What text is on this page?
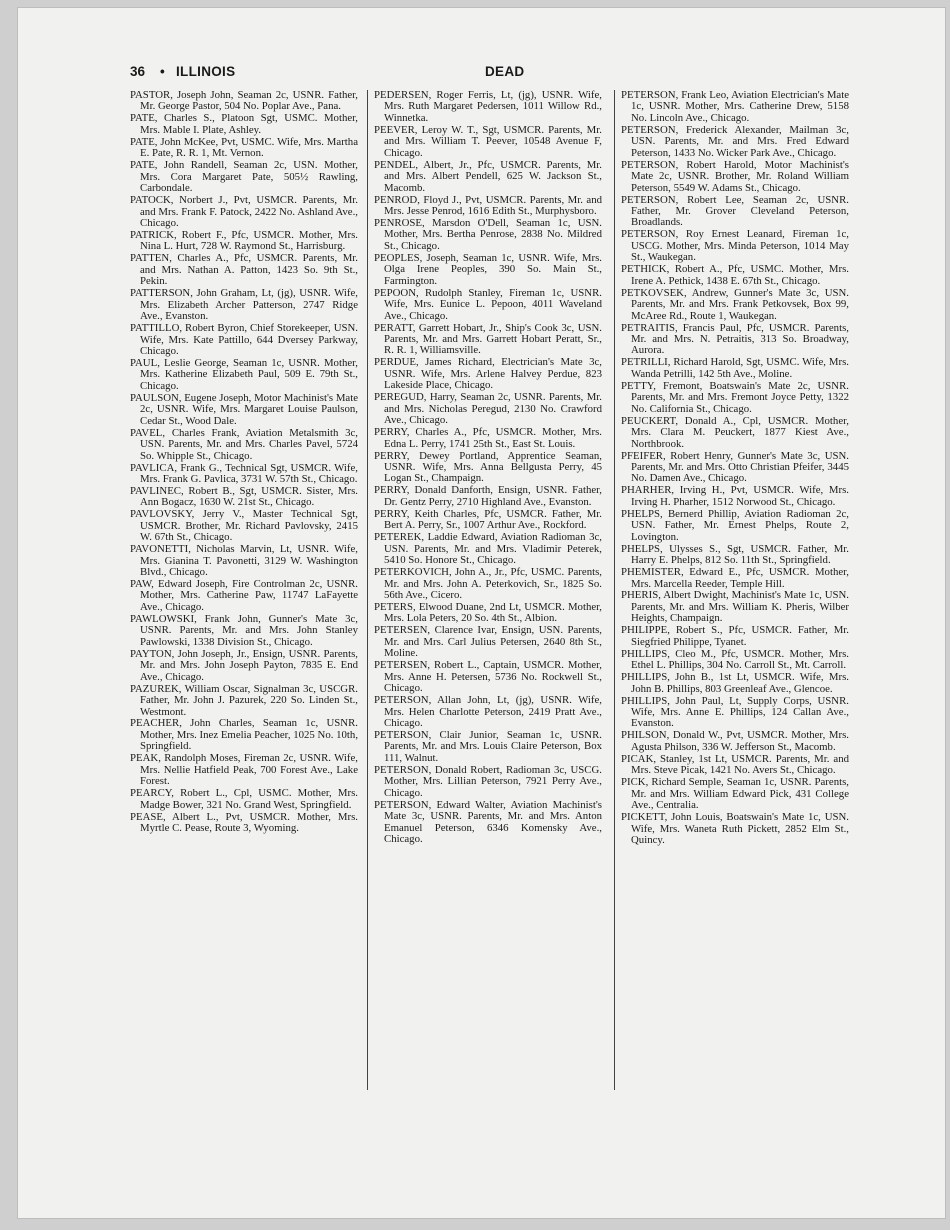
36 • ILLINOIS	DEAD

PASTOR, Joseph John, Seaman 2c, USNR. Father, Mr. George Pastor, 504 No. Poplar Ave., Pana.

PATE, Charles S., Platoon Sgt, USMC. Mother, Mrs. Mable I. Plate, Ashley.

PATE, John McKee, Pvt, USMC. Wife, Mrs. Martha E. Pate, R. R. 1, Mt. Vernon.

PATE, John Randell, Seaman 2c, USN. Mother, Mrs. Cora Margaret Pate, 505½ Rawling, Carbondale.

PATOCK, Norbert J., Pvt, USMCR. Parents, Mr. and Mrs. Frank F. Patock, 2422 No. Ashland Ave., Chicago.

PATRICK, Robert F., Pfc, USMCR. Mother, Mrs. Nina L. Hurt, 728 W. Raymond St., Harrisburg.

PATTEN, Charles A., Pfc, USMCR. Parents, Mr. and Mrs. Nathan A. Patton, 1423 So. 9th St., Pekin.

PATTERSON, John Graham, Lt, (jg), USNR. Wife, Mrs. Elizabeth Archer Patterson, 2747 Ridge Ave., Evanston.

PATTILLO, Robert Byron, Chief Storekeeper, USN. Wife, Mrs. Kate Pattillo, 644 Dversey Parkway, Chicago.

PAUL, Leslie George, Seaman 1c, USNR. Mother, Mrs. Katherine Elizabeth Paul, 509 E. 79th St., Chicago.

PAULSON, Eugene Joseph, Motor Machinist's Mate 2c, USNR. Wife, Mrs. Margaret Louise Paulson, Cedar St., Wood Dale.

PAVEL, Charles Frank, Aviation Metalsmith 3c, USN. Parents, Mr. and Mrs. Charles Pavel, 5724 So. Whipple St., Chicago.

PAVLICA, Frank G., Technical Sgt, USMCR. Wife, Mrs. Frank G. Pavlica, 3731 W. 57th St., Chicago.

PAVLINEC, Robert B., Sgt, USMCR. Sister, Mrs. Ann Bogacz, 1630 W. 21st St., Chicago.

PAVLOVSKY, Jerry V., Master Technical Sgt, USMCR. Brother, Mr. Richard Pavlovsky, 2415 W. 67th St., Chicago.

PAVONETTI, Nicholas Marvin, Lt, USNR. Wife, Mrs. Gianina T. Pavonetti, 3129 W. Washington Blvd., Chicago.

PAW, Edward Joseph, Fire Controlman 2c, USNR. Mother, Mrs. Catherine Paw, 11747 LaFayette Ave., Chicago.

PAWLOWSKI, Frank John, Gunner's Mate 3c, USNR. Parents, Mr. and Mrs. John Stanley Pawlowski, 1338 Division St., Chicago.

PAYTON, John Joseph, Jr., Ensign, USNR. Parents, Mr. and Mrs. John Joseph Payton, 7835 E. End Ave., Chicago.

PAZUREK, William Oscar, Signalman 3c, USCGR. Father, Mr. John J. Pazurek, 220 So. Linden St., Westmont.

PEACHER, John Charles, Seaman 1c, USNR. Mother, Mrs. Inez Emelia Peacher, 1025 No. 10th, Springfield.

PEAK, Randolph Moses, Fireman 2c, USNR. Wife, Mrs. Nellie Hatfield Peak, 700 Forest Ave., Lake Forest.

PEARCY, Robert L., Cpl, USMC. Mother, Mrs. Madge Bower, 321 No. Grand West, Springfield.

PEASE, Albert L., Pvt, USMCR. Mother, Mrs. Myrtle C. Pease, Route 3, Wyoming.

PEDERSEN, Roger Ferris, Lt, (jg), USNR. Wife, Mrs. Ruth Margaret Pedersen, 1011 Willow Rd., Winnetka.

PEEVER, Leroy W. T., Sgt, USMCR. Parents, Mr. and Mrs. William T. Peever, 10548 Avenue F, Chicago.

PENDEL, Albert, Jr., Pfc, USMCR. Parents, Mr. and Mrs. Albert Pendell, 625 W. Jackson St., Macomb.

PENROD, Floyd J., Pvt, USMCR. Parents, Mr. and Mrs. Jesse Penrod, 1616 Edith St., Murphysboro.

PENROSE, Marsdon O'Dell, Seaman 1c, USN. Mother, Mrs. Bertha Penrose, 2838 No. Mildred St., Chicago.

PEOPLES, Joseph, Seaman 1c, USNR. Wife, Mrs. Olga Irene Peoples, 390 So. Main St., Farmington.

PEPOON, Rudolph Stanley, Fireman 1c, USNR. Wife, Mrs. Eunice L. Pepoon, 4011 Waveland Ave., Chicago.

PERATT, Garrett Hobart, Jr., Ship's Cook 3c, USN. Parents, Mr. and Mrs. Garrett Hobart Peratt, Sr., R. R. 1, Williamsville.

PERDUE, James Richard, Electrician's Mate 3c, USNR. Wife, Mrs. Arlene Halvey Perdue, 823 Lakeside Place, Chicago.

PEREGUD, Harry, Seaman 2c, USNR. Parents, Mr. and Mrs. Nicholas Peregud, 2130 No. Crawford Ave., Chicago.

PERRY, Charles A., Pfc, USMCR. Mother, Mrs. Edna L. Perry, 1741 25th St., East St. Louis.

PERRY, Dewey Portland, Apprentice Seaman, USNR. Wife, Mrs. Anna Bellgusta Perry, 45 Logan St., Champaign.

PERRY, Donald Danforth, Ensign, USNR. Father, Dr. Gentz Perry, 2710 Highland Ave., Evanston.

PERRY, Keith Charles, Pfc, USMCR. Father, Mr. Bert A. Perry, Sr., 1007 Arthur Ave., Rockford.

PETEREK, Laddie Edward, Aviation Radioman 3c, USN. Parents, Mr. and Mrs. Vladimir Peterek, 5410 So. Honore St., Chicago.

PETERKOVICH, John A., Jr., Pfc, USMC. Parents, Mr. and Mrs. John A. Peterkovich, Sr., 1825 So. 56th Ave., Cicero.

PETERS, Elwood Duane, 2nd Lt, USMCR. Mother, Mrs. Lola Peters, 20 So. 4th St., Albion.

PETERSEN, Clarence Ivar, Ensign, USN. Parents, Mr. and Mrs. Carl Julius Petersen, 2640 8th St., Moline.

PETERSEN, Robert L., Captain, USMCR. Mother, Mrs. Anne H. Petersen, 5736 No. Rockwell St., Chicago.

PETERSON, Allan John, Lt, (jg), USNR. Wife, Mrs. Helen Charlotte Peterson, 2419 Pratt Ave., Chicago.

PETERSON, Clair Junior, Seaman 1c, USNR. Parents, Mr. and Mrs. Louis Claire Peterson, Box 111, Walnut.

PETERSON, Donald Robert, Radioman 3c, USCG. Mother, Mrs. Lillian Peterson, 7921 Perry Ave., Chicago.

PETERSON, Edward Walter, Aviation Machinist's Mate 3c, USNR. Parents, Mr. and Mrs. Anton Emanuel Peterson, 6346 Komensky Ave., Chicago.

PETERSON, Frank Leo, Aviation Electrician's Mate 1c, USNR. Mother, Mrs. Catherine Drew, 5158 No. Lincoln Ave., Chicago.

PETERSON, Frederick Alexander, Mailman 3c, USN. Parents, Mr. and Mrs. Fred Edward Peterson, 1433 No. Wicker Park Ave., Chicago.

PETERSON, Robert Harold, Motor Machinist's Mate 2c, USNR. Brother, Mr. Roland William Peterson, 5549 W. Adams St., Chicago.

PETERSON, Robert Lee, Seaman 2c, USNR. Father, Mr. Grover Cleveland Peterson, Broadlands.

PETERSON, Roy Ernest Leanard, Fireman 1c, USCG. Mother, Mrs. Minda Peterson, 1014 May St., Waukegan.

PETHICK, Robert A., Pfc, USMC. Mother, Mrs. Irene A. Pethick, 1438 E. 67th St., Chicago.

PETKOVSEK, Andrew, Gunner's Mate 3c, USN. Parents, Mr. and Mrs. Frank Petkovsek, Box 99, McAree Rd., Route 1, Waukegan.

PETRAITIS, Francis Paul, Pfc, USMCR. Parents, Mr. and Mrs. N. Petraitis, 313 So. Broadway, Aurora.

PETRILLI, Richard Harold, Sgt, USMC. Wife, Mrs. Wanda Petrilli, 142 5th Ave., Moline.

PETTY, Fremont, Boatswain's Mate 2c, USNR. Parents, Mr. and Mrs. Fremont Joyce Petty, 1322 No. California St., Chicago.

PEUCKERT, Donald A., Cpl, USMCR. Mother, Mrs. Clara M. Peuckert, 1877 Kiest Ave., Northbrook.

PFEIFER, Robert Henry, Gunner's Mate 3c, USN. Parents, Mr. and Mrs. Otto Christian Pfeifer, 3445 No. Damen Ave., Chicago.

PHARHER, Irving H., Pvt, USMCR. Wife, Mrs. Irving H. Pharher, 1512 Norwood St., Chicago.

PHELPS, Bernerd Phillip, Aviation Radioman 2c, USN. Father, Mr. Ernest Phelps, Route 2, Lovington.

PHELPS, Ulysses S., Sgt, USMCR. Father, Mr. Harry E. Phelps, 812 So. 11th St., Springfield.

PHEMISTER, Edward E., Pfc, USMCR. Mother, Mrs. Marcella Reeder, Temple Hill.

PHERIS, Albert Dwight, Machinist's Mate 1c, USN. Parents, Mr. and Mrs. William K. Pheris, Wilber Heights, Champaign.

PHILIPPE, Robert S., Pfc, USMCR. Father, Mr. Siegfried Philippe, Tyanet.

PHILLIPS, Cleo M., Pfc, USMCR. Mother, Mrs. Ethel L. Phillips, 304 No. Carroll St., Mt. Carroll.

PHILLIPS, John B., 1st Lt, USMCR. Wife, Mrs. John B. Phillips, 803 Greenleaf Ave., Glencoe.

PHILLIPS, John Paul, Lt, Supply Corps, USNR. Wife, Mrs. Anne E. Phillips, 124 Callan Ave., Evanston.

PHILSON, Donald W., Pvt, USMCR. Mother, Mrs. Agusta Philson, 336 W. Jefferson St., Macomb.

PICAK, Stanley, 1st Lt, USMCR. Parents, Mr. and Mrs. Steve Picak, 1421 No. Avers St., Chicago.

PICK, Richard Semple, Seaman 1c, USNR. Parents, Mr. and Mrs. William Edward Pick, 431 College Ave., Centralia.

PICKETT, John Louis, Boatswain's Mate 1c, USN. Wife, Mrs. Waneta Ruth Pickett, 2852 Elm St., Quincy.
